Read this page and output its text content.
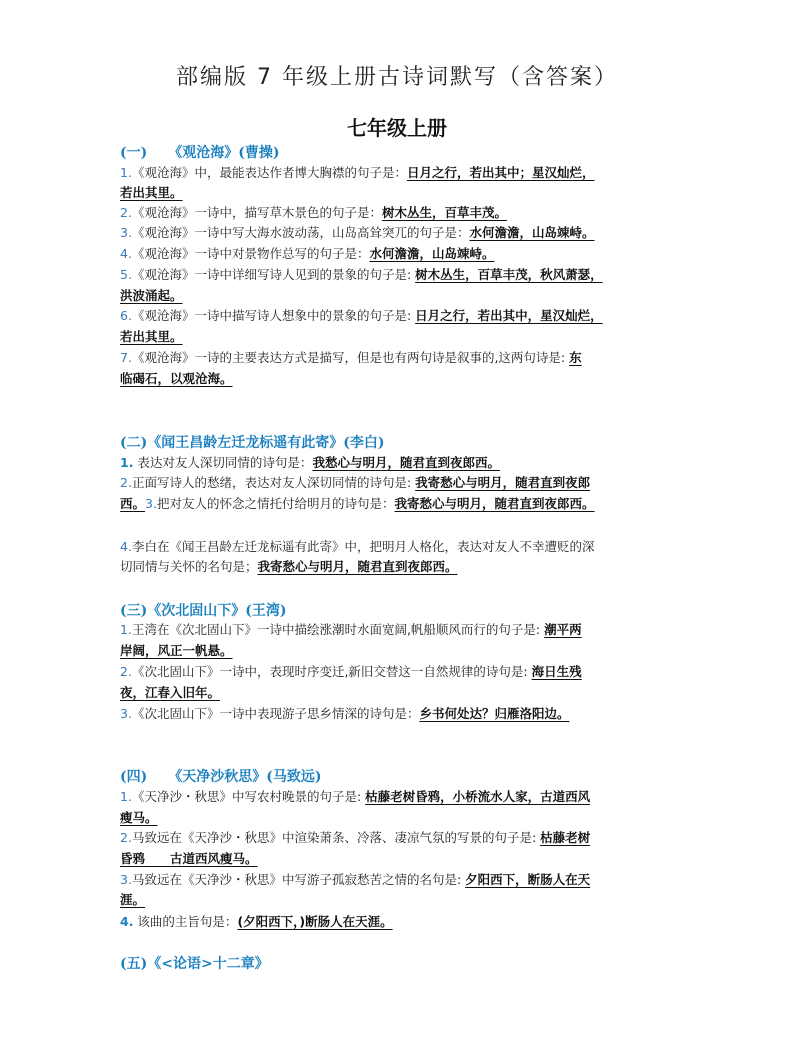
部编版 7 年级上册古诗词默写（含答案）
七年级上册
(一)　　《观沧海》(曹操)
1.《观沧海》中，最能表达作者博大胸襟的句子是：日月之行，若出其中；星汉灿烂，
若出其里。
2.《观沧海》一诗中，描写草木景色的句子是：树木丛生，百草丰茂。
3.《观沧海》一诗中写大海水波动荡，山岛高耸突兀的句子是：水何澹澹，山岛竦峙。
4.《观沧海》一诗中对景物作总写的句子是：水何澹澹，山岛竦峙。
5.《观沧海》一诗中详细写诗人见到的景象的句子是: 树木丛生，百草丰茂，秋风萧瑟，
洪波涌起。
6.《观沧海》一诗中描写诗人想象中的景象的句子是: 日月之行，若出其中，星汉灿烂，
若出其里。
7.《观沧海》一诗的主要表达方式是描写，但是也有两句诗是叙事的,这两句诗是: 东
临碣石，以观沧海。
(二)《闻王昌龄左迁龙标遥有此寄》(李白)
1. 表达对友人深切同情的诗句是：我愁心与明月，随君直到夜郎西。
2.正面写诗人的愁绪，表达对友人深切同情的诗句是: 我寄愁心与明月，随君直到夜郎
西。3.把对友人的怀念之情托付给明月的诗句是：我寄愁心与明月，随君直到夜郎西。
4.李白在《闻王昌龄左迁龙标遥有此寄》中，把明月人格化，表达对友人不幸遭贬的深
切同情与关怀的名句是；我寄愁心与明月，随君直到夜郎西。
(三)《次北固山下》(王湾)
1.王湾在《次北固山下》一诗中描绘涨潮时水面宽阔,帆船顺风而行的句子是: 潮平两
岸阔，风正一帆悬。
2.《次北固山下》一诗中，表现时序变迁,新旧交替这一自然规律的诗句是: 海日生残
夜，江春入旧年。
3.《次北固山下》一诗中表现游子思乡情深的诗句是：乡书何处达？归雁洛阳边。
(四)　　《天净沙秋思》(马致远)
1.《天净沙・秋思》中写农村晚景的句子是: 枯藤老树昏鸦，小桥流水人家，古道西风
瘦马。
2.马致远在《天净沙・秋思》中渲染萧条、冷落、凄凉气氛的写景的句子是: 枯藤老树
昏鸦　　古道西风瘦马。
3.马致远在《天净沙・秋思》中写游子孤寂愁苦之情的名句是: 夕阳西下，断肠人在天
涯。
4. 该曲的主旨句是：(夕阳西下，)断肠人在天涯。
(五)《<论语>十二章》
